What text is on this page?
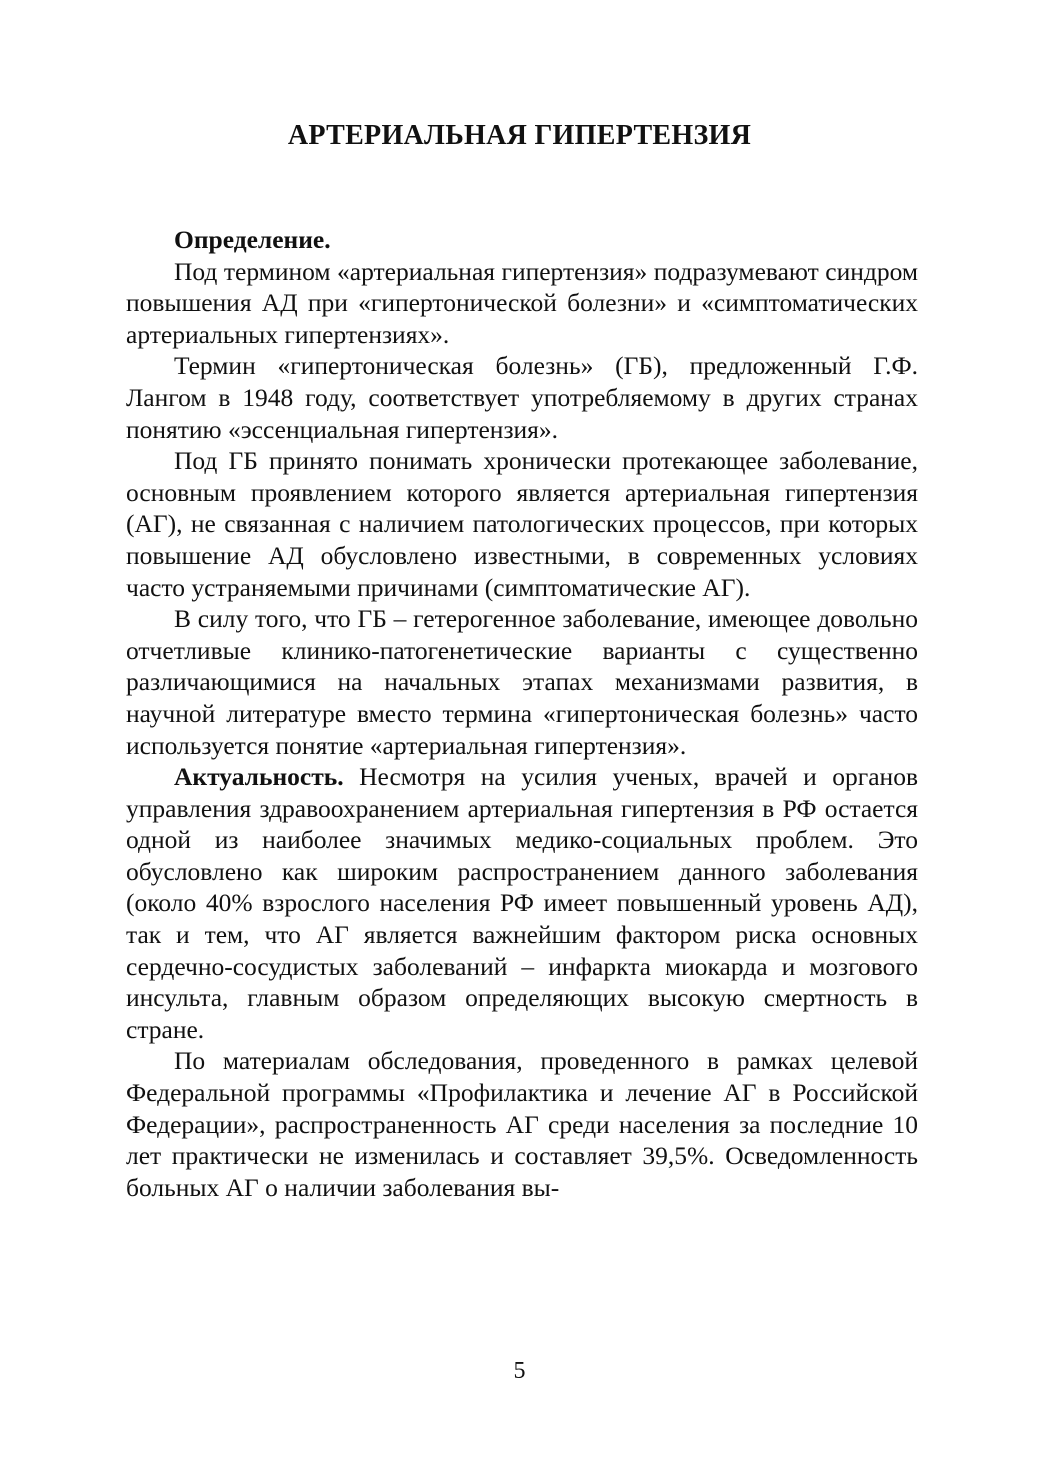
АРТЕРИАЛЬНАЯ ГИПЕРТЕНЗИЯ
Определение.

Под термином «артериальная гипертензия» подразумевают синдром повышения АД при «гипертонической болезни» и «симптоматических артериальных гипертензиях».

Термин «гипертоническая болезнь» (ГБ), предложенный Г.Ф. Лангом в 1948 году, соответствует употребляемому в других странах понятию «эссенциальная гипертензия».

Под ГБ принято понимать хронически протекающее заболевание, основным проявлением которого является артериальная гипертензия (АГ), не связанная с наличием патологических процессов, при которых повышение АД обусловлено известными, в современных условиях часто устраняемыми причинами (симптоматические АГ).

В силу того, что ГБ – гетерогенное заболевание, имеющее довольно отчетливые клинико-патогенетические варианты с существенно различающимися на начальных этапах механизмами развития, в научной литературе вместо термина «гипертоническая болезнь» часто используется понятие «артериальная гипертензия».

Актуальность. Несмотря на усилия ученых, врачей и органов управления здравоохранением артериальная гипертензия в РФ остается одной из наиболее значимых медико-социальных проблем. Это обусловлено как широким распространением данного заболевания (около 40% взрослого населения РФ имеет повышенный уровень АД), так и тем, что АГ является важнейшим фактором риска основных сердечно-сосудистых заболеваний – инфаркта миокарда и мозгового инсульта, главным образом определяющих высокую смертность в стране.

По материалам обследования, проведенного в рамках целевой Федеральной программы «Профилактика и лечение АГ в Российской Федерации», распространенность АГ среди населения за последние 10 лет практически не изменилась и составляет 39,5%. Осведомленность больных АГ о наличии заболевания вы-

5
